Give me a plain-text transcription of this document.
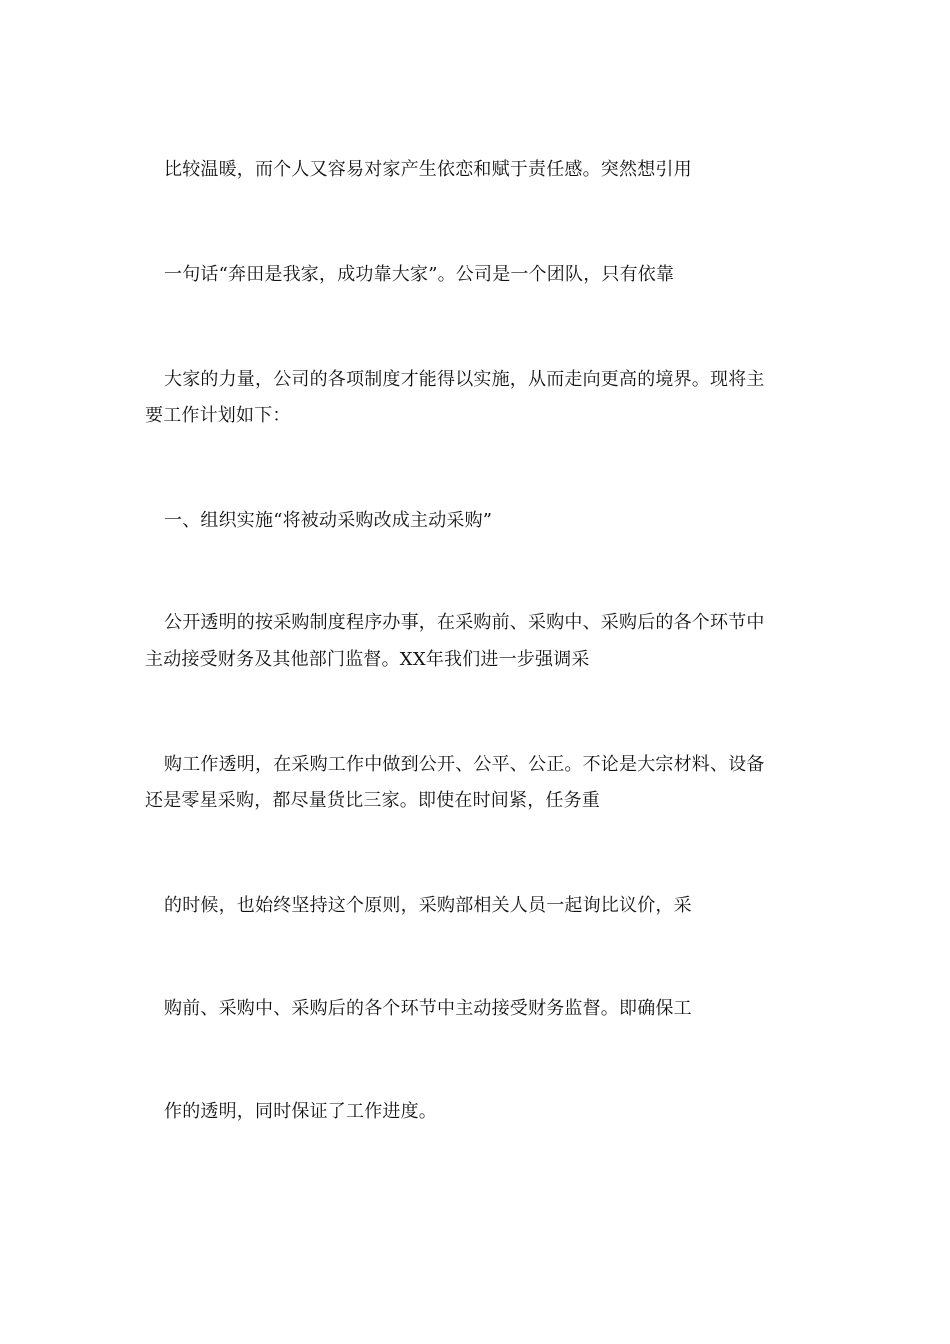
比较温暖，而个人又容易对家产生依恋和赋于责任感。突然想引用
一句话“奔田是我家，成功靠大家”。公司是一个团队，只有依靠
大家的力量，公司的各项制度才能得以实施，从而走向更高的境界。现将主
要工作计划如下：
一、组织实施“将被动采购改成主动采购”
公开透明的按采购制度程序办事，在采购前、采购中、采购后的各个环节中
主动接受财务及其他部门监督。XX年我们进一步强调采
购工作透明，在采购工作中做到公开、公平、公正。不论是大宗材料、设备
还是零星采购，都尽量货比三家。即使在时间紧，任务重
的时候，也始终坚持这个原则，采购部相关人员一起询比议价，采
购前、采购中、采购后的各个环节中主动接受财务监督。即确保工
作的透明，同时保证了工作进度。
